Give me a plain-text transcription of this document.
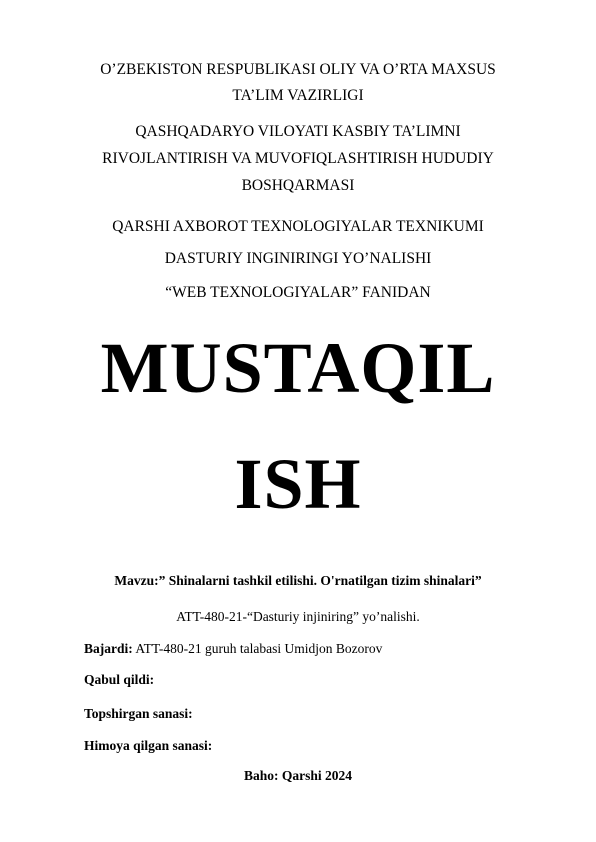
O’ZBEKISTON RESPUBLIKASI OLIY VA O’RTA MAXSUS
TA’LIM VAZIRLIGI
QASHQADARYO VILOYATI KASBIY TA’LIMNI
RIVOJLANTIRISH VA MUVOFIQLASHTIRISH HUDUDIY
BOSHQARMASI
QARSHI AXBOROT TEXNOLOGIYALAR TEXNIKUMI
DASTURIY INGINIRINGI YO’NALISHI
“WEB TEXNOLOGIYALAR” FANIDAN
MUSTAQIL
ISH
Mavzu:” Shinalarni tashkil etilishi. O'rnatilgan tizim shinalari”
ATT-480-21-“Dasturiy injiniring” yo’nalishi.
Bajardi: ATT-480-21 guruh talabasi Umidjon Bozorov
Qabul qildi:
Topshirgan sanasi:
Himoya qilgan sanasi:
Baho: Qarshi 2024
